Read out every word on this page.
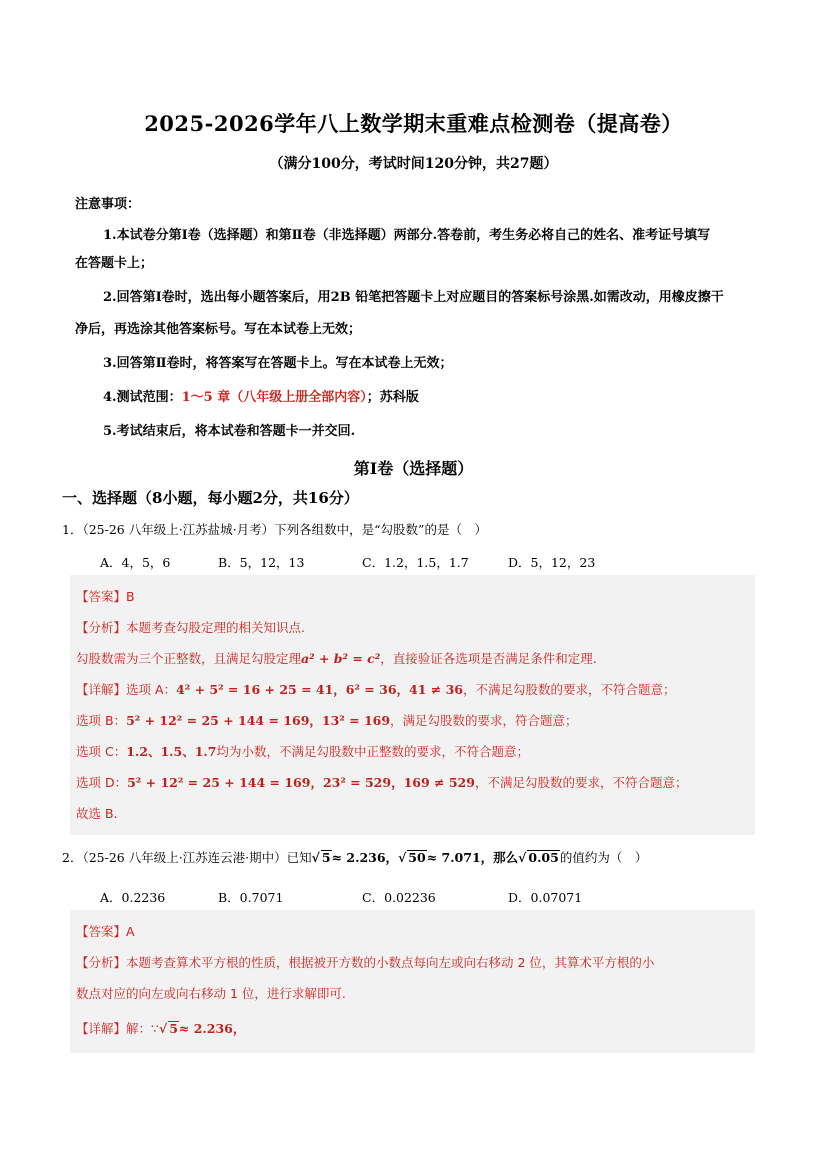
2025-2026学年八上数学期末重难点检测卷（提高卷）
（满分100分，考试时间120分钟，共27题）
注意事项：
1.本试卷分第Ⅰ卷（选择题）和第Ⅱ卷（非选择题）两部分.答卷前，考生务必将自己的姓名、准考证号填写
在答题卡上；
2.回答第Ⅰ卷时，选出每小题答案后，用2B 铅笔把答题卡上对应题目的答案标号涂黑.如需改动，用橡皮擦干
净后，再选涂其他答案标号。写在本试卷上无效；
3.回答第Ⅱ卷时，将答案写在答题卡上。写在本试卷上无效；
4.测试范围：1～5 章（八年级上册全部内容）；苏科版
5.考试结束后，将本试卷和答题卡一并交回.
第Ⅰ卷（选择题）
一、选择题（8小题，每小题2分，共16分）
1．（25-26 八年级上·江苏盐城·月考）下列各组数中，是“勾股数”的是（　）
A．4，5，6	B．5，12，13	C．1.2，1.5，1.7	D．5，12，23
【答案】B
【分析】本题考查勾股定理的相关知识点.
勾股数需为三个正整数，且满足勾股定理a² + b² = c²，直接验证各选项是否满足条件和定理.
【详解】选项 A：4² + 5² = 16 + 25 = 41，6² = 36，41 ≠ 36，不满足勾股数的要求，不符合题意；
选项 B：5² + 12² = 25 + 144 = 169，13² = 169，满足勾股数的要求，符合题意；
选项 C：1.2、1.5、1.7均为小数，不满足勾股数中正整数的要求，不符合题意；
选项 D：5² + 12² = 25 + 144 = 169，23² = 529，169 ≠ 529，不满足勾股数的要求，不符合题意；
故选 B.
2．（25-26 八年级上·江苏连云港·期中）已知√ 5≈ 2.236，√ 50≈ 7.071，那么√ 0.05的值约为（　）
A．0.2236	B．0.7071	C．0.02236	D．0.07071
【答案】A
【分析】本题考查算术平方根的性质，根据被开方数的小数点每向左或向右移动 2 位，其算术平方根的小
数点对应的向左或向右移动 1 位，进行求解即可.
【详解】解：∵√ 5≈ 2.236，
